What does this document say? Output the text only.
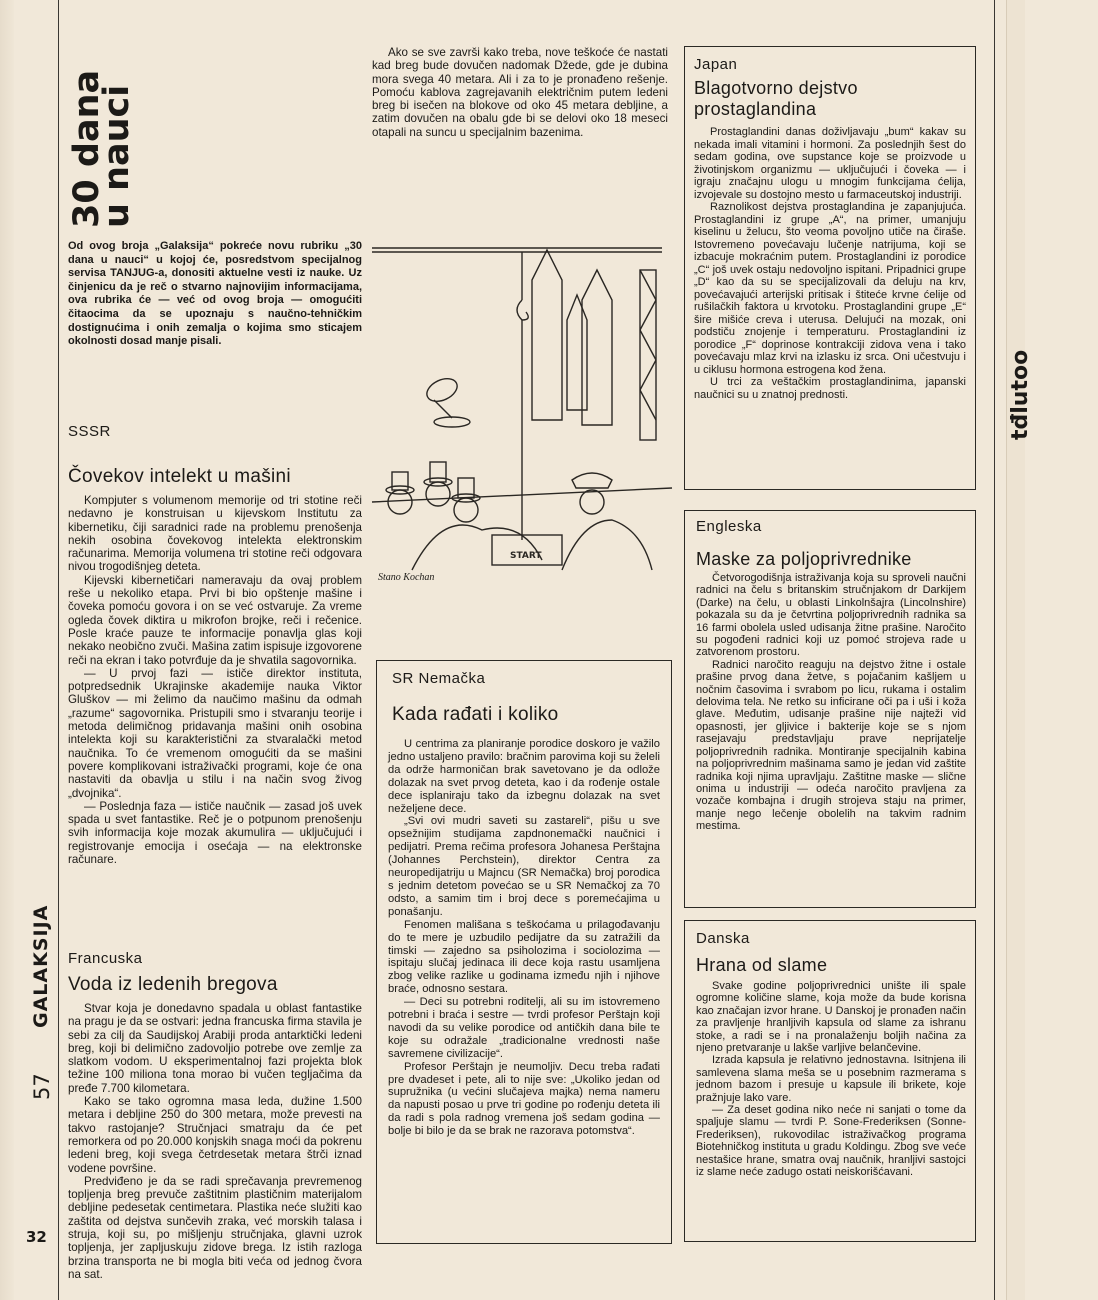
30 dana
u nauci
GALAKSIJA
57
32
tđlutoo

Od ovog broja „Galaksija“ pokreće novu rubriku „30 dana u nauci“ u kojoj će, posredstvom specijalnog servisa TANJUG-a, donositi aktuelne vesti iz nauke. Uz činjenicu da je reč o stvarno najnovijim informacijama, ova rubrika će — već od ovog broja — omogućiti čitaocima da se upoznaju s naučno-tehničkim dostignućima i onih zemalja o kojima smo sticajem okolnosti dosad manje pisali.

SSSR
Čovekov intelekt u mašini

Kompjuter s volumenom memorije od tri stotine reči nedavno je konstruisan u kijevskom Institutu za kibernetiku, čiji saradnici rade na problemu prenošenja nekih osobina čovekovog intelekta elektronskim računarima. Memorija volumena tri stotine reči odgovara nivou trogodišnjeg deteta.

Kijevski kibernetičari nameravaju da ovaj problem reše u nekoliko etapa. Prvi bi bio opštenje mašine i čoveka pomoću govora i on se već ostvaruje. Za vreme ogleda čovek diktira u mikrofon brojke, reči i rečenice. Posle kraće pauze te informacije ponavlja glas koji nekako neobično zvuči. Mašina zatim ispisuje izgovorene reči na ekran i tako potvrđuje da je shvatila sagovornika.

— U prvoj fazi — ističe direktor instituta, potpredsednik Ukrajinske akademije nauka Viktor Gluškov — mi želimo da naučimo mašinu da odmah „razume“ sagovornika. Pristupili smo i stvaranju teorije i metoda delimičnog pridavanja mašini onih osobina intelekta koji su karakteristični za stvaralački metod naučnika. To će vremenom omogućiti da se mašini povere komplikovani istraživački programi, koje će ona nastaviti da obavlja u stilu i na način svog živog „dvojnika“.

— Poslednja faza — ističe naučnik — zasad još uvek spada u svet fantastike. Reč je o potpunom prenošenju svih informacija koje mozak akumulira — uključujući i registrovanje emocija i osećaja — na elektronske računare.

Francuska
Voda iz ledenih bregova

Stvar koja je donedavno spadala u oblast fantastike na pragu je da se ostvari: jedna francuska firma stavila je sebi za cilj da Saudijskoj Arabiji proda antarktički ledeni breg, koji bi delimično zadovoljio potrebe ove zemlje za slatkom vodom. U eksperimentalnoj fazi projekta blok težine 100 miliona tona morao bi vučen tegljačima da pređe 7.700 kilometara.

Kako se tako ogromna masa leda, dužine 1.500 metara i debljine 250 do 300 metara, može prevesti na takvo rastojanje? Stručnjaci smatraju da će pet remorkera od po 20.000 konjskih snaga moći da pokrenu ledeni breg, koji svega četrdesetak metara štrči iznad vodene površine.

Predviđeno je da se radi sprečavanja prevremenog topljenja breg prevuče zaštitnim plastičnim materijalom debljine pedesetak centimetara. Plastika neće služiti kao zaštita od dejstva sunčevih zraka, već morskih talasa i struja, koji su, po mišljenju stručnjaka, glavni uzrok topljenja, jer zapljuskuju zidove brega. Iz istih razloga brzina transporta ne bi mogla biti veća od jednog čvora na sat.

Ako se sve završi kako treba, nove teškoće će nastati kad breg bude dovučen nadomak Džede, gde je dubina mora svega 40 metara. Ali i za to je pronađeno rešenje. Pomoću kablova zagrejavanih električnim putem ledeni breg bi isečen na blokove od oko 45 metara debljine, a zatim dovučen na obalu gde bi se delovi oko 18 meseci otapali na suncu u specijalnim bazenima.

START
Stano Kochan
SR Nemačka
Kada rađati i koliko

U centrima za planiranje porodice doskoro je važilo jedno ustaljeno pravilo: bračnim parovima koji su želeli da održe harmoničan brak savetovano je da odlože dolazak na svet prvog deteta, kao i da rođenje ostale dece isplaniraju tako da izbegnu dolazak na svet neželjene dece.

„Svi ovi mudri saveti su zastareli“, pišu u sve opsežnijim studijama zapdnonemački naučnici i pedijatri. Prema rečima profesora Johanesa Perštajna (Johannes Perchstein), direktor Centra za neuropedijatriju u Majncu (SR Nemačka) broj porodica s jednim detetom povećao se u SR Nemačkoj za 70 odsto, a samim tim i broj dece s poremećajima u ponašanju.

Fenomen mališana s teškoćama u prilagođavanju do te mere je uzbudilo pedijatre da su zatražili da timski — zajedno sa psiholozima i sociolozima — ispitaju slučaj jedinaca ili dece koja rastu usamljena zbog velike razlike u godinama između njih i njihove braće, odnosno sestara.

— Deci su potrebni roditelji, ali su im istovremeno potrebni i braća i sestre — tvrdi profesor Perštajn koji navodi da su velike porodice od antičkih dana bile te koje su odražale „tradicionalne vrednosti naše savremene civilizacije“.

Profesor Perštajn je neumoljiv. Decu treba rađati pre dvadeset i pete, ali to nije sve: „Ukoliko jedan od supružnika (u većini slučajeva majka) nema nameru da napusti posao u prve tri godine po rođenju deteta ili da radi s pola radnog vremena još sedam godina — bolje bi bilo je da se brak ne razorava potomstva“.

Japan
Blagotvorno dejstvo prostaglandina

Prostaglandini danas doživljavaju „bum“ kakav su nekada imali vitamini i hormoni. Za poslednjih šest do sedam godina, ove supstance koje se proizvode u životinjskom organizmu — uključujući i čoveka — i igraju značajnu ulogu u mnogim funkcijama ćelija, izvojevale su dostojno mesto u farmaceutskoj industriji.

Raznolikost dejstva prostaglandina je zapanjujuća. Prostaglandini iz grupe „A“, na primer, umanjuju kiselinu u želucu, što veoma povoljno utiče na čiraše. Istovremeno povećavaju lučenje natrijuma, koji se izbacuje mokraćnim putem. Prostaglandini iz porodice „C“ još uvek ostaju nedovoljno ispitani. Pripadnici grupe „D“ kao da su se specijalizovali da deluju na krv, povećavajući arterijski pritisak i štiteće krvne ćelije od rušilačkih faktora u krvotoku. Prostaglandini grupe „E“ šire mišiće creva i uterusa. Delujući na mozak, oni podstiču znojenje i temperaturu. Prostaglandini iz porodice „F“ doprinose kontrakciji zidova vena i tako povećavaju mlaz krvi na izlasku iz srca. Oni učestvuju i u ciklusu hormona estrogena kod žena.

U trci za veštačkim prostaglandinima, japanski naučnici su u znatnoj prednosti.

Engleska
Maske za poljoprivrednike

Četvorogodišnja istraživanja koja su sproveli naučni radnici na čelu s britanskim stručnjakom dr Darkijem (Darke) na čelu, u oblasti Linkolnšajra (Lincolnshire) pokazala su da je četvrtina poljoprivrednih radnika sa 16 farmi obolela usled udisanja žitne prašine. Naročito su pogođeni radnici koji uz pomoć strojeva rade u zatvorenom prostoru.

Radnici naročito reaguju na dejstvo žitne i ostale prašine prvog dana žetve, s pojačanim kašljem u nočnim časovima i svrabom po licu, rukama i ostalim delovima tela. Ne retko su inficirane oči pa i uši i koža glave. Međutim, udisanje prašine nije najteži vid opasnosti, jer gljivice i bakterije koje se s njom rasejavaju predstavljaju prave neprijatelje poljoprivrednih radnika. Montiranje specijalnih kabina na poljoprivrednim mašinama samo je jedan vid zaštite radnika koji njima upravljaju. Zaštitne maske — slične onima u industriji — odeća naročito pravljena za vozače kombajna i drugih strojeva staju na primer, manje nego lečenje obolelih na takvim radnim mestima.

Danska
Hrana od slame

Svake godine poljoprivrednici unište ili spale ogromne količine slame, koja može da bude korisna kao značajan izvor hrane. U Danskoj je pronađen način za pravljenje hranljivih kapsula od slame za ishranu stoke, a radi se i na pronalaženju boljih načina za njeno pretvaranje u lakše varljive belančevine.

Izrada kapsula je relativno jednostavna. Isitnjena ili samlevena slama meša se u posebnim razmerama s jednom bazom i presuje u kapsule ili brikete, koje pražnjuje lako vare.

— Za deset godina niko neće ni sanjati o tome da spaljuje slamu — tvrdi P. Sone-Frederiksen (Sonne-Frederiksen), rukovodilac istraživačkog programa Biotehničkog instituta u gradu Koldingu. Zbog sve veće nestašice hrane, smatra ovaj naučnik, hranljivi sastojci iz slame neće zadugo ostati neiskorišćavani.
